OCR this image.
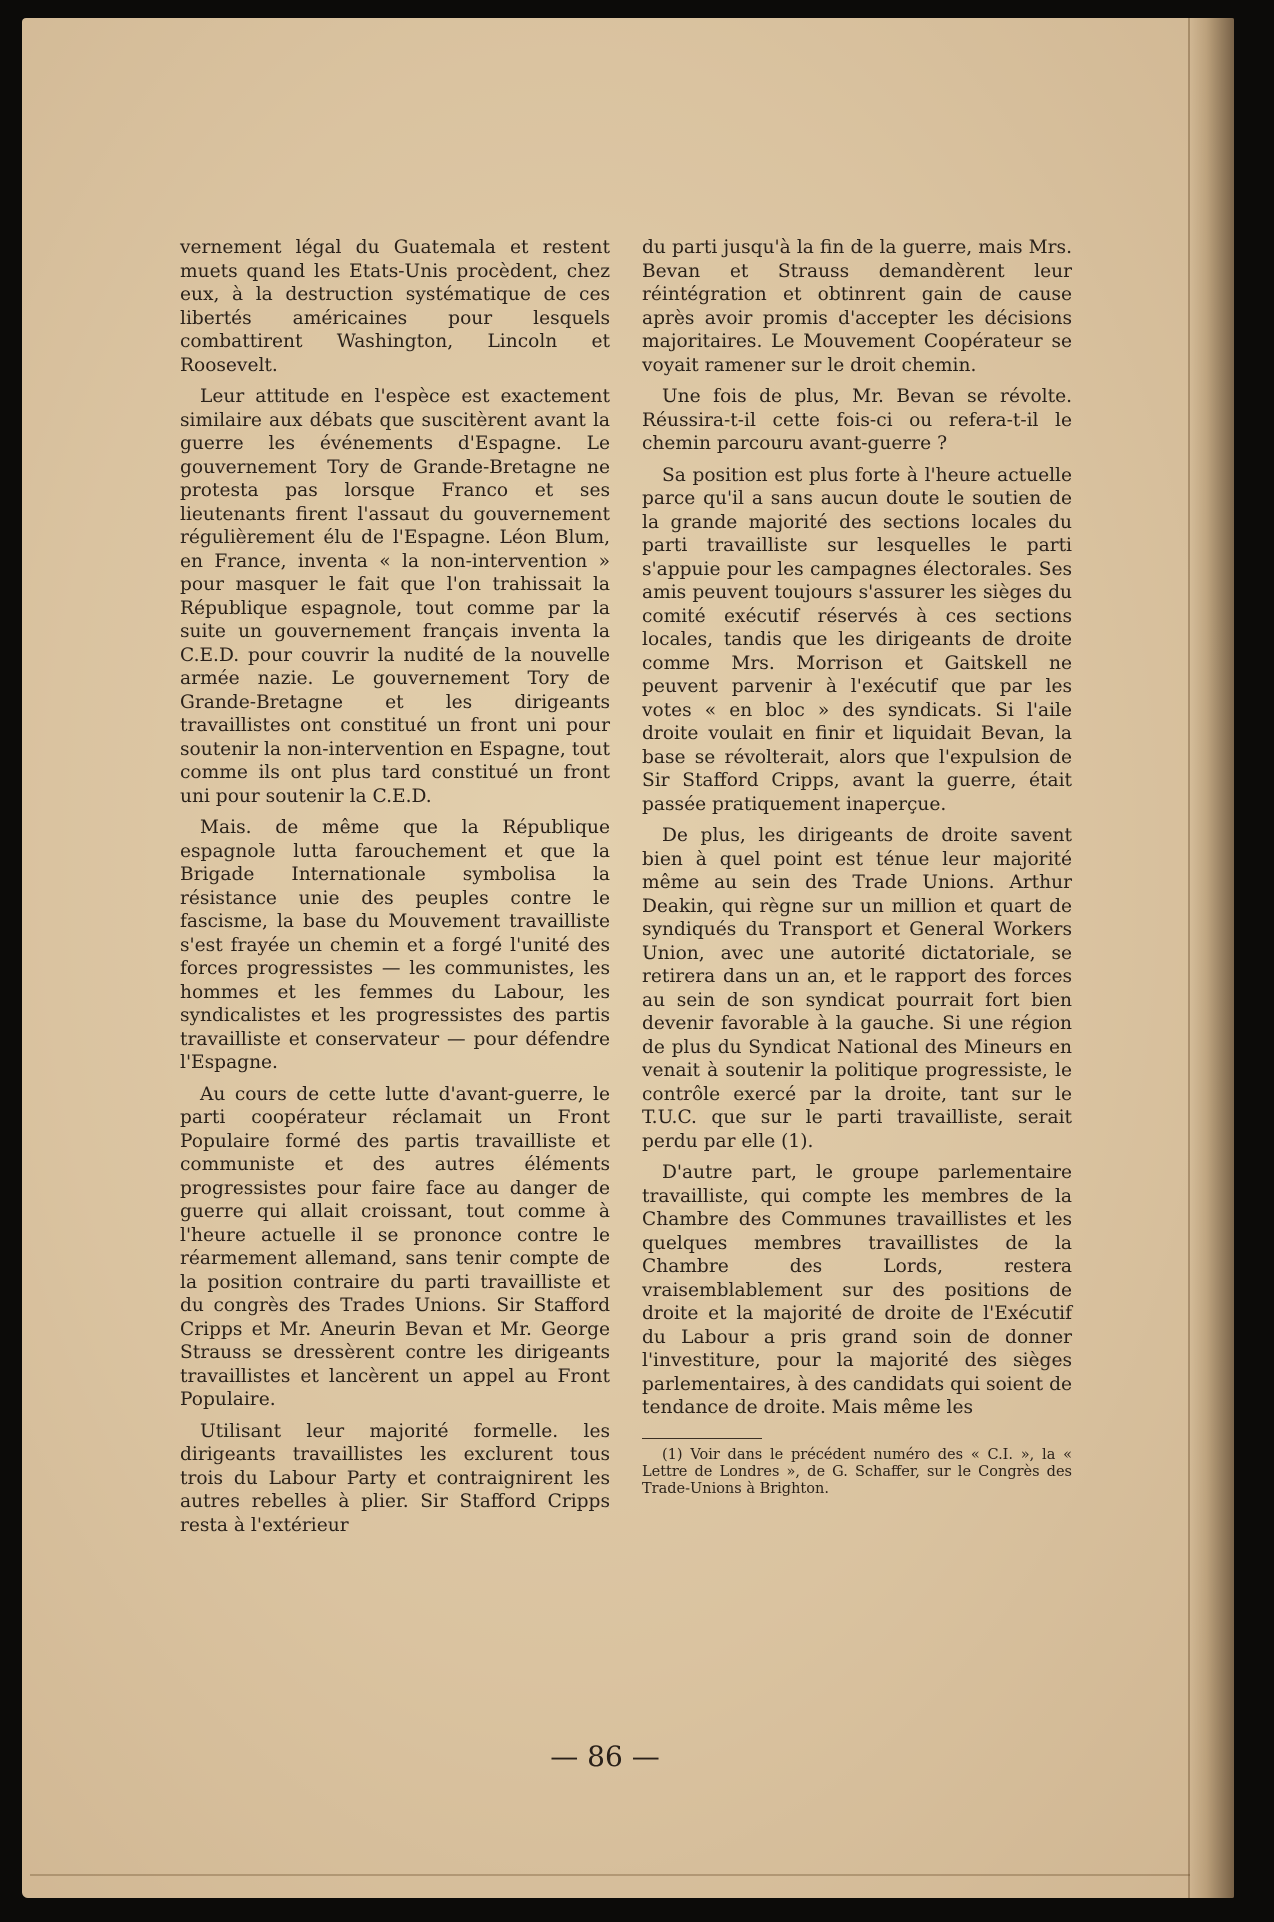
vernement légal du Guatemala et restent muets quand les Etats-Unis procèdent, chez eux, à la destruction systématique de ces libertés américaines pour lesquels combattirent Washington, Lincoln et Roosevelt.

Leur attitude en l'espèce est exactement similaire aux débats que suscitèrent avant la guerre les événements d'Espagne. Le gouvernement Tory de Grande-Bretagne ne protesta pas lorsque Franco et ses lieutenants firent l'assaut du gouvernement régulièrement élu de l'Espagne. Léon Blum, en France, inventa « la non-intervention » pour masquer le fait que l'on trahissait la République espagnole, tout comme par la suite un gouvernement français inventa la C.E.D. pour couvrir la nudité de la nouvelle armée nazie. Le gouvernement Tory de Grande-Bretagne et les dirigeants travaillistes ont constitué un front uni pour soutenir la non-intervention en Espagne, tout comme ils ont plus tard constitué un front uni pour soutenir la C.E.D.

Mais. de même que la République espagnole lutta farouchement et que la Brigade Internationale symbolisa la résistance unie des peuples contre le fascisme, la base du Mouvement travailliste s'est frayée un chemin et a forgé l'unité des forces progressistes — les communistes, les hommes et les femmes du Labour, les syndicalistes et les progressistes des partis travailliste et conservateur — pour défendre l'Espagne.

Au cours de cette lutte d'avant-guerre, le parti coopérateur réclamait un Front Populaire formé des partis travailliste et communiste et des autres éléments progressistes pour faire face au danger de guerre qui allait croissant, tout comme à l'heure actuelle il se prononce contre le réarmement allemand, sans tenir compte de la position contraire du parti travailliste et du congrès des Trades Unions. Sir Stafford Cripps et Mr. Aneurin Bevan et Mr. George Strauss se dressèrent contre les dirigeants travaillistes et lancèrent un appel au Front Populaire.

Utilisant leur majorité formelle. les dirigeants travaillistes les exclurent tous trois du Labour Party et contraignirent les autres rebelles à plier. Sir Stafford Cripps resta à l'extérieur

du parti jusqu'à la fin de la guerre, mais Mrs. Bevan et Strauss demandèrent leur réintégration et obtinrent gain de cause après avoir promis d'accepter les décisions majoritaires. Le Mouvement Coopérateur se voyait ramener sur le droit chemin.

Une fois de plus, Mr. Bevan se révolte. Réussira-t-il cette fois-ci ou refera-t-il le chemin parcouru avant-guerre ?

Sa position est plus forte à l'heure actuelle parce qu'il a sans aucun doute le soutien de la grande majorité des sections locales du parti travailliste sur lesquelles le parti s'appuie pour les campagnes électorales. Ses amis peuvent toujours s'assurer les sièges du comité exécutif réservés à ces sections locales, tandis que les dirigeants de droite comme Mrs. Morrison et Gaitskell ne peuvent parvenir à l'exécutif que par les votes « en bloc » des syndicats. Si l'aile droite voulait en finir et liquidait Bevan, la base se révolterait, alors que l'expulsion de Sir Stafford Cripps, avant la guerre, était passée pratiquement inaperçue.

De plus, les dirigeants de droite savent bien à quel point est ténue leur majorité même au sein des Trade Unions. Arthur Deakin, qui règne sur un million et quart de syndiqués du Transport et General Workers Union, avec une autorité dictatoriale, se retirera dans un an, et le rapport des forces au sein de son syndicat pourrait fort bien devenir favorable à la gauche. Si une région de plus du Syndicat National des Mineurs en venait à soutenir la politique progressiste, le contrôle exercé par la droite, tant sur le T.U.C. que sur le parti travailliste, serait perdu par elle (1).

D'autre part, le groupe parlementaire travailliste, qui compte les membres de la Chambre des Communes travaillistes et les quelques membres travaillistes de la Chambre des Lords, restera vraisemblablement sur des positions de droite et la majorité de droite de l'Exécutif du Labour a pris grand soin de donner l'investiture, pour la majorité des sièges parlementaires, à des candidats qui soient de tendance de droite. Mais même les

(1) Voir dans le précédent numéro des « C.I. », la « Lettre de Londres », de G. Schaffer, sur le Congrès des Trade-Unions à Brighton.

— 86 —
